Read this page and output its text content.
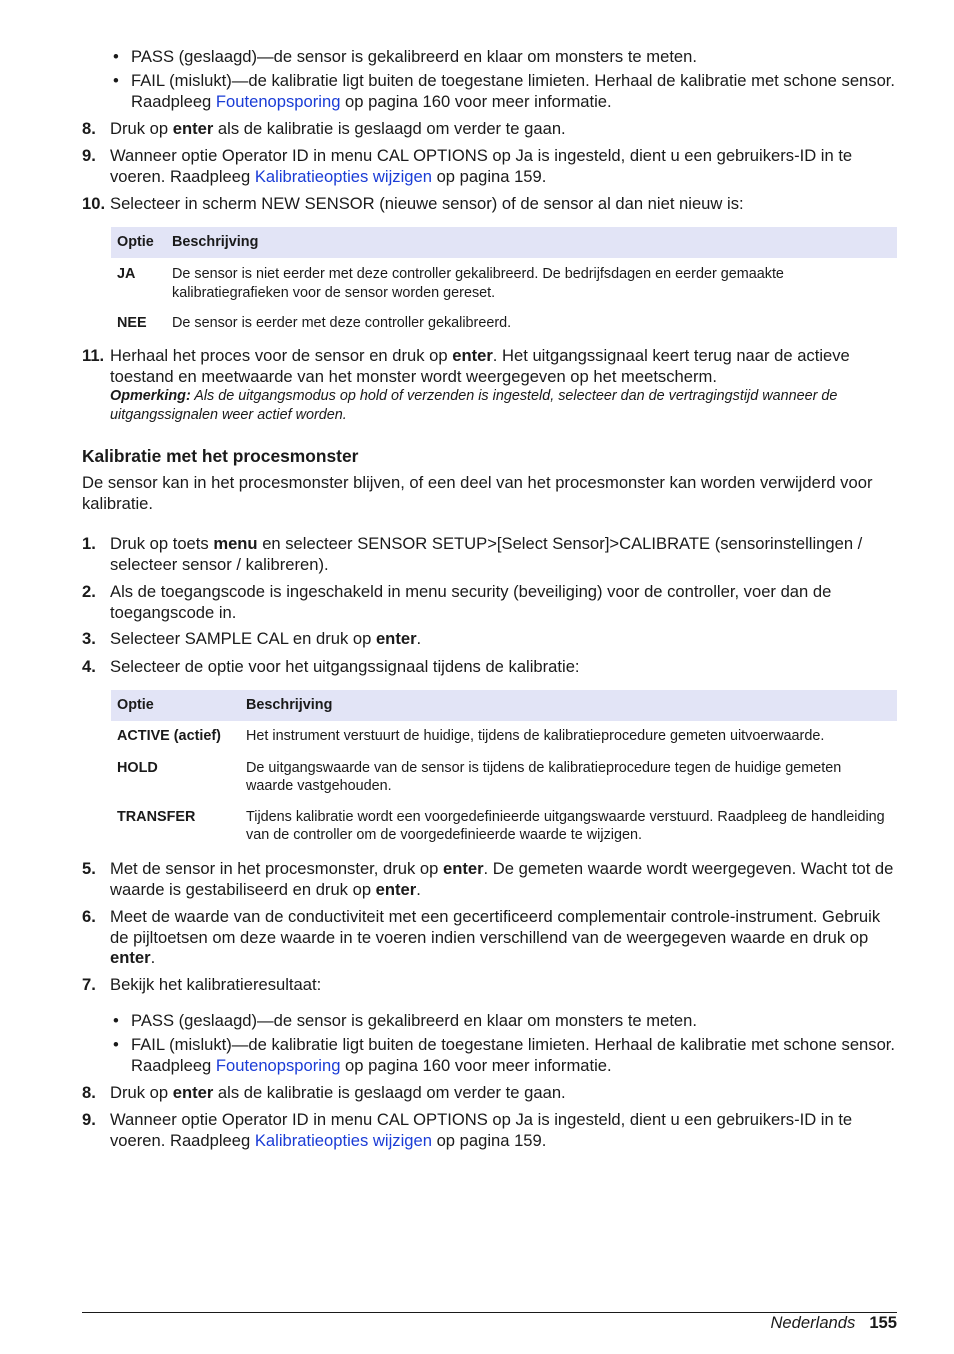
• PASS (geslaagd)—de sensor is gekalibreerd en klaar om monsters te meten.
• FAIL (mislukt)—de kalibratie ligt buiten de toegestane limieten. Herhaal de kalibratie met schone sensor. Raadpleeg Foutenopsporing op pagina 160 voor meer informatie.
8. Druk op enter als de kalibratie is geslaagd om verder te gaan.
9. Wanneer optie Operator ID in menu CAL OPTIONS op Ja is ingesteld, dient u een gebruikers-ID in te voeren. Raadpleeg Kalibratieopties wijzigen op pagina 159.
10. Selecteer in scherm NEW SENSOR (nieuwe sensor) of de sensor al dan niet nieuw is:
Optie	Beschrijving
JA	De sensor is niet eerder met deze controller gekalibreerd. De bedrijfsdagen en eerder gemaakte kalibratiegrafieken voor de sensor worden gereset.
NEE	De sensor is eerder met deze controller gekalibreerd.
11. Herhaal het proces voor de sensor en druk op enter. Het uitgangssignaal keert terug naar de actieve toestand en meetwaarde van het monster wordt weergegeven op het meetscherm.
Opmerking: Als de uitgangsmodus op hold of verzenden is ingesteld, selecteer dan de vertragingstijd wanneer de uitgangssignalen weer actief worden.
Kalibratie met het procesmonster
De sensor kan in het procesmonster blijven, of een deel van het procesmonster kan worden verwijderd voor kalibratie.
1. Druk op toets menu en selecteer SENSOR SETUP>[Select Sensor]>CALIBRATE (sensorinstellingen / selecteer sensor / kalibreren).
2. Als de toegangscode is ingeschakeld in menu security (beveiliging) voor de controller, voer dan de toegangscode in.
3. Selecteer SAMPLE CAL en druk op enter.
4. Selecteer de optie voor het uitgangssignaal tijdens de kalibratie:
Optie	Beschrijving
ACTIVE (actief)	Het instrument verstuurt de huidige, tijdens de kalibratieprocedure gemeten uitvoerwaarde.
HOLD	De uitgangswaarde van de sensor is tijdens de kalibratieprocedure tegen de huidige gemeten waarde vastgehouden.
TRANSFER	Tijdens kalibratie wordt een voorgedefinieerde uitgangswaarde verstuurd. Raadpleeg de handleiding van de controller om de voorgedefinieerde waarde te wijzigen.
5. Met de sensor in het procesmonster, druk op enter. De gemeten waarde wordt weergegeven. Wacht tot de waarde is gestabiliseerd en druk op enter.
6. Meet de waarde van de conductiviteit met een gecertificeerd complementair controle-instrument. Gebruik de pijltoetsen om deze waarde in te voeren indien verschillend van de weergegeven waarde en druk op enter.
7. Bekijk het kalibratieresultaat:
• PASS (geslaagd)—de sensor is gekalibreerd en klaar om monsters te meten.
• FAIL (mislukt)—de kalibratie ligt buiten de toegestane limieten. Herhaal de kalibratie met schone sensor. Raadpleeg Foutenopsporing op pagina 160 voor meer informatie.
8. Druk op enter als de kalibratie is geslaagd om verder te gaan.
9. Wanneer optie Operator ID in menu CAL OPTIONS op Ja is ingesteld, dient u een gebruikers-ID in te voeren. Raadpleeg Kalibratieopties wijzigen op pagina 159.
Nederlands 155
